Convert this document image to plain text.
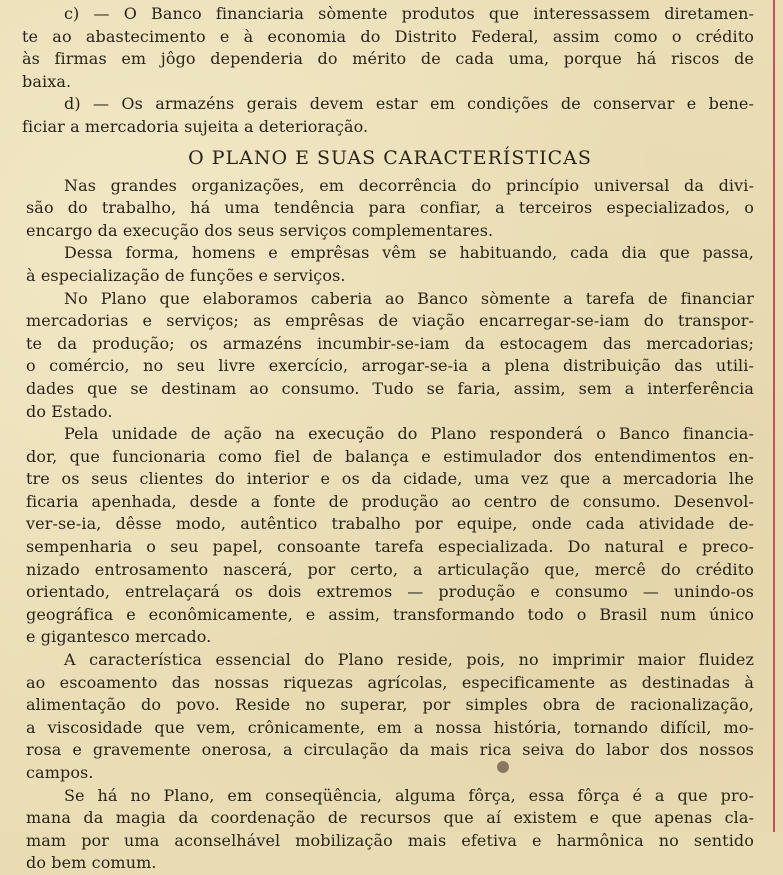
c) — O Banco financiaria sòmente produtos que interessassem diretamen-
te ao abastecimento e à economia do Distrito Federal, assim como o crédito
às firmas em jôgo dependeria do mérito de cada uma, porque há riscos de
baixa.
d) — Os armazéns gerais devem estar em condições de conservar e bene-
ficiar a mercadoria sujeita a deterioração.
O PLANO E SUAS CARACTERÍSTICAS
Nas grandes organizações, em decorrência do princípio universal da divi-
são do trabalho, há uma tendência para confiar, a terceiros especializados, o
encargo da execução dos seus serviços complementares.
Dessa forma, homens e emprêsas vêm se habituando, cada dia que passa,
à especialização de funções e serviços.
No Plano que elaboramos caberia ao Banco sòmente a tarefa de financiar
mercadorias e serviços; as emprêsas de viação encarregar-se-iam do transpor-
te da produção; os armazéns incumbir-se-iam da estocagem das mercadorias;
o comércio, no seu livre exercício, arrogar-se-ia a plena distribuição das utili-
dades que se destinam ao consumo. Tudo se faria, assim, sem a interferência
do Estado.
Pela unidade de ação na execução do Plano responderá o Banco financia-
dor, que funcionaria como fiel de balança e estimulador dos entendimentos en-
tre os seus clientes do interior e os da cidade, uma vez que a mercadoria lhe
ficaria apenhada, desde a fonte de produção ao centro de consumo. Desenvol-
ver-se-ia, dêsse modo, autêntico trabalho por equipe, onde cada atividade de-
sempenharia o seu papel, consoante tarefa especializada. Do natural e preco-
nizado entrosamento nascerá, por certo, a articulação que, mercê do crédito
orientado, entrelaçará os dois extremos — produção e consumo — unindo-os
geográfica e econômicamente, e assim, transformando todo o Brasil num único
e gigantesco mercado.
A característica essencial do Plano reside, pois, no imprimir maior fluidez
ao escoamento das nossas riquezas agrícolas, especificamente as destinadas à
alimentação do povo. Reside no superar, por simples obra de racionalização,
a viscosidade que vem, crônicamente, em a nossa história, tornando difícil, mo-
rosa e gravemente onerosa, a circulação da mais rica seiva do labor dos nossos
campos.
Se há no Plano, em conseqüência, alguma fôrça, essa fôrça é a que pro-
mana da magia da coordenação de recursos que aí existem e que apenas cla-
mam por uma aconselhável mobilização mais efetiva e harmônica no sentido
do bem comum.
